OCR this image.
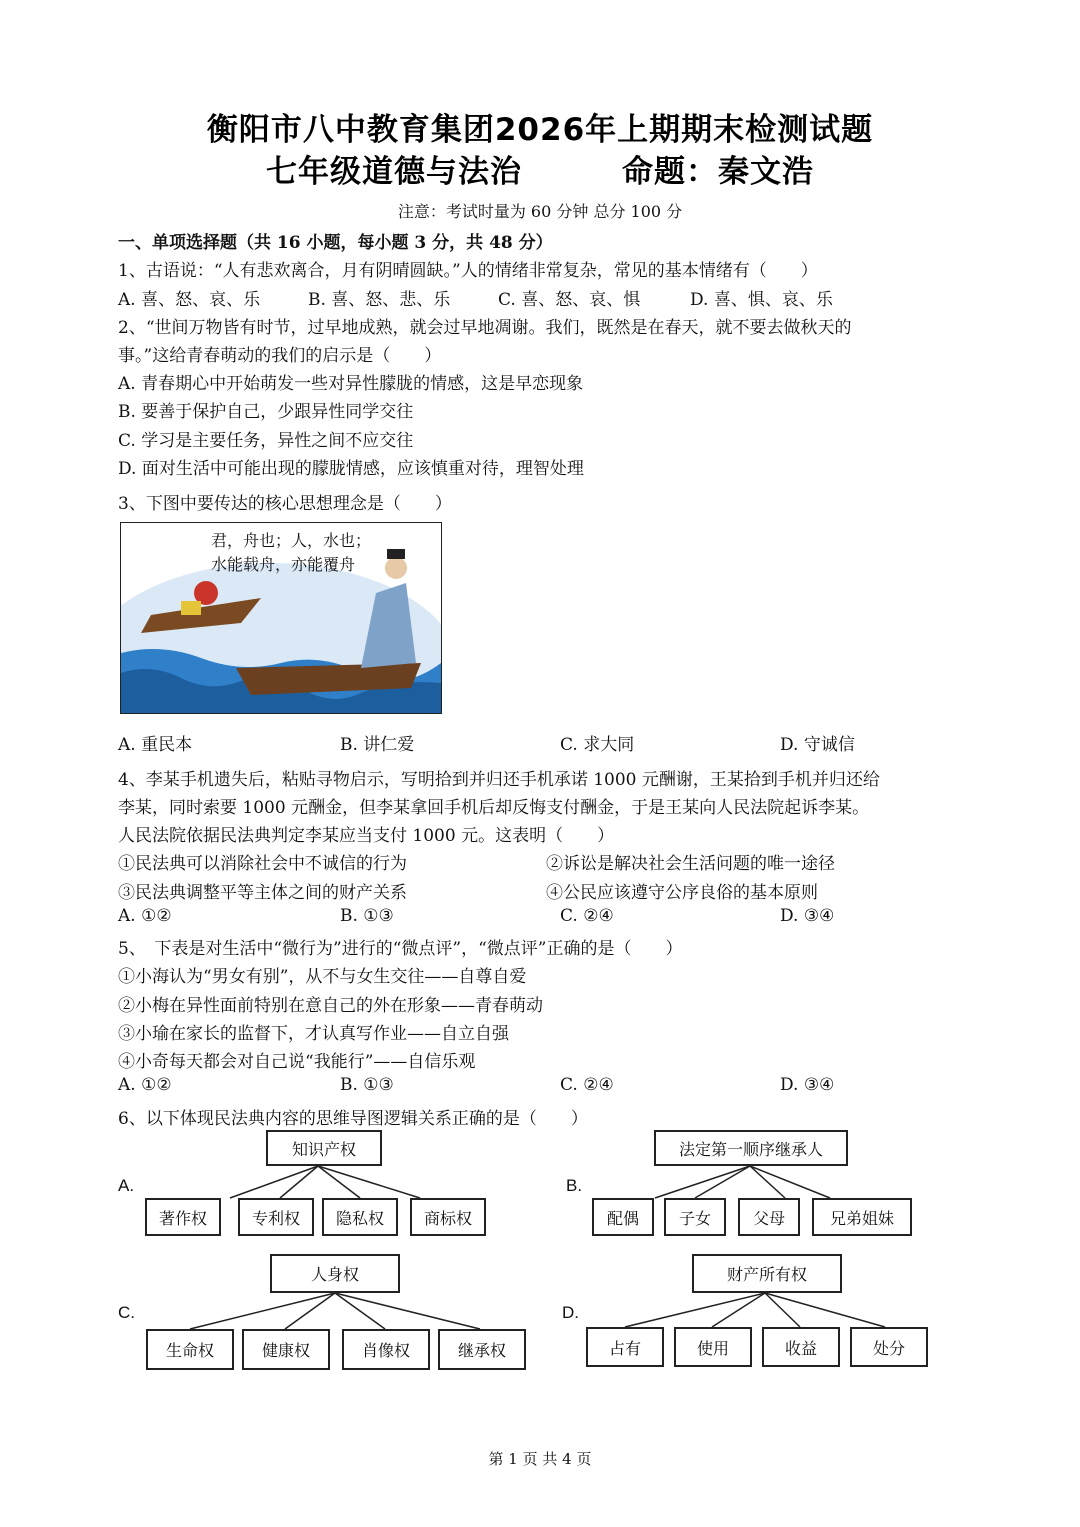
衡阳市八中教育集团2026年上期期末检测试题
七年级道德与法治	命题：秦文浩
注意：考试时量为 60 分钟 总分 100 分
一、单项选择题（共 16 小题，每小题 3 分，共 48 分）
1、古语说：“人有悲欢离合，月有阴晴圆缺。”人的情绪非常复杂，常见的基本情绪有（　　）
A. 喜、怒、哀、乐	B. 喜、怒、悲、乐	C. 喜、怒、哀、惧	D. 喜、惧、哀、乐
2、“世间万物皆有时节，过早地成熟，就会过早地凋谢。我们，既然是在春天，就不要去做秋天的
事。”这给青春萌动的我们的启示是（　　）
A. 青春期心中开始萌发一些对异性朦胧的情感，这是早恋现象
B. 要善于保护自己，少跟异性同学交往
C. 学习是主要任务，异性之间不应交往
D. 面对生活中可能出现的朦胧情感，应该慎重对待，理智处理
3、下图中要传达的核心思想理念是（　　）
君，舟也；人，水也；
水能载舟，亦能覆舟
A. 重民本	B. 讲仁爱	C. 求大同	D. 守诚信
4、李某手机遗失后，粘贴寻物启示，写明拾到并归还手机承诺 1000 元酬谢，王某拾到手机并归还给
李某，同时索要 1000 元酬金，但李某拿回手机后却反悔支付酬金，于是王某向人民法院起诉李某。
人民法院依据民法典判定李某应当支付 1000 元。这表明（　　）
①民法典可以消除社会中不诚信的行为	②诉讼是解决社会生活问题的唯一途径
③民法典调整平等主体之间的财产关系	④公民应该遵守公序良俗的基本原则
A. ①②	B. ①③	C. ②④	D. ③④
5、　下表是对生活中“微行为”进行的“微点评”，“微点评”正确的是（　　）
①小海认为“男女有别”，从不与女生交往——自尊自爱
②小梅在异性面前特别在意自己的外在形象——青春萌动
③小瑜在家长的监督下，才认真写作业——自立自强
④小奇每天都会对自己说“我能行”——自信乐观
A. ①②	B. ①③	C. ②④	D. ③④
6、以下体现民法典内容的思维导图逻辑关系正确的是（　　）
A.
知识产权
著作权	专利权	隐私权	商标权
B.
法定第一顺序继承人
配偶	子女	父母	兄弟姐妹
C.
人身权
生命权	健康权	肖像权	继承权
D.
财产所有权
占有	使用	收益	处分
第 1 页 共 4 页
